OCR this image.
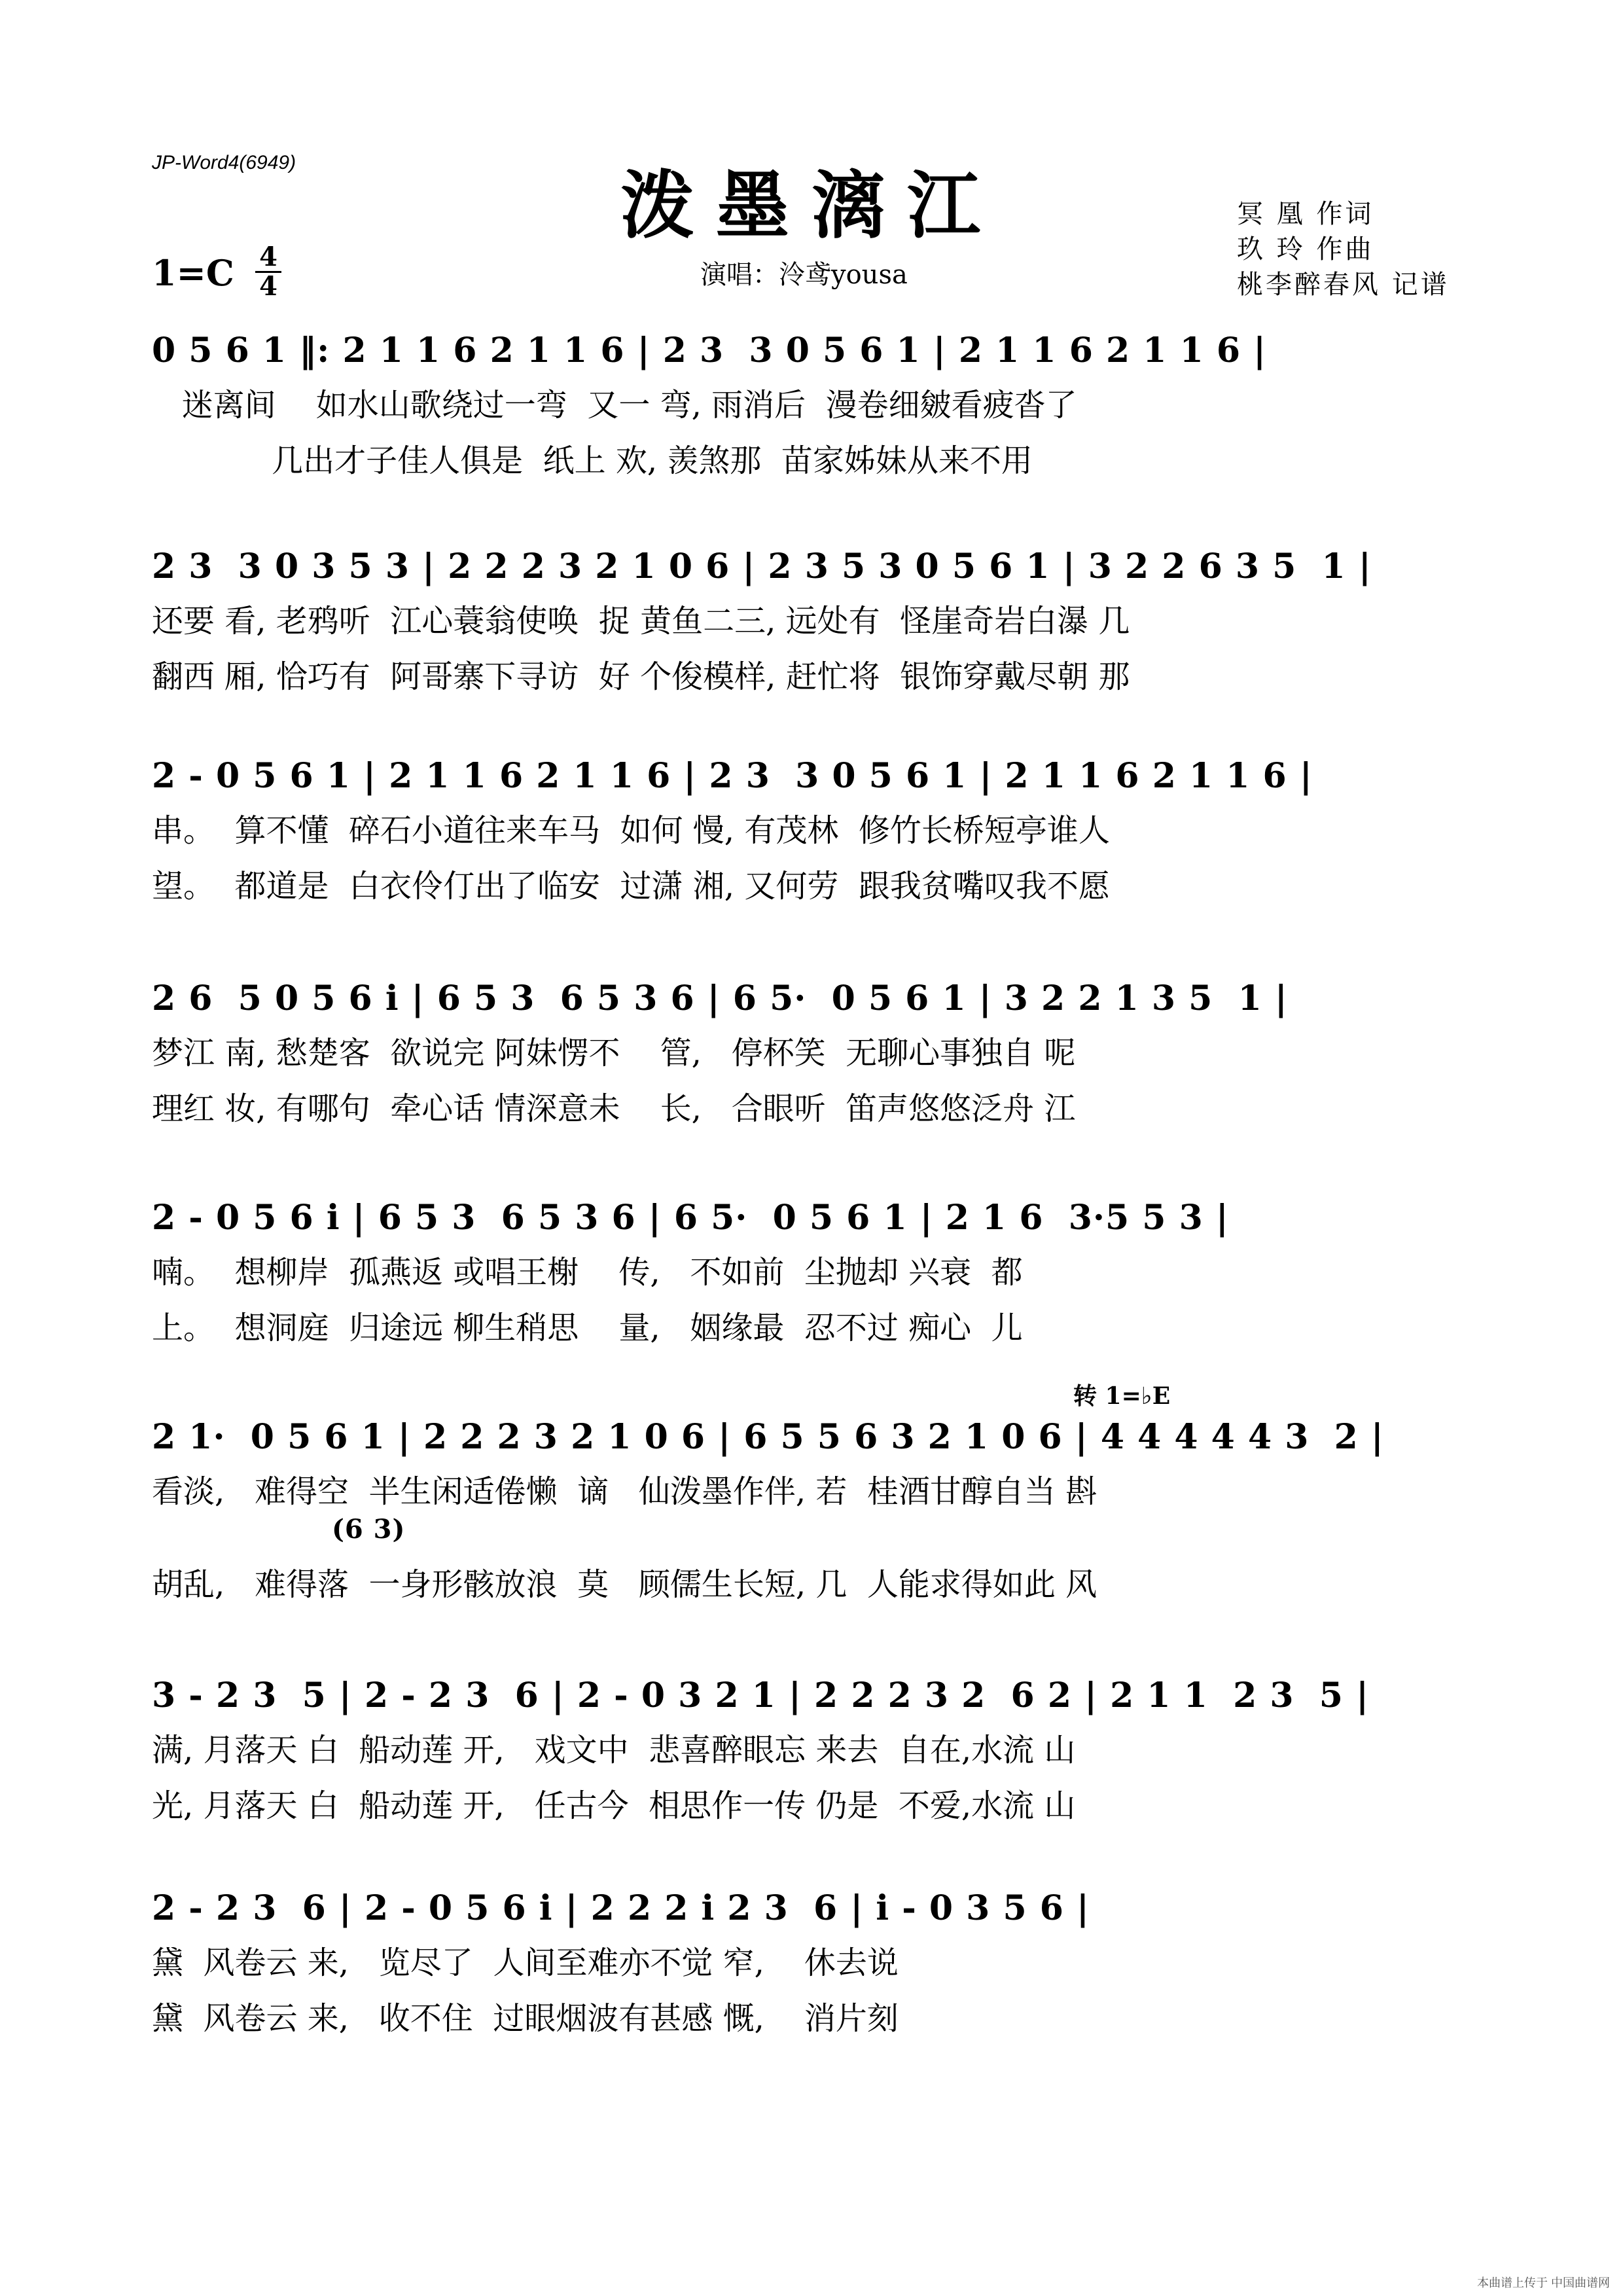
JP-Word4(6949)
泼墨漓江
1=C 4
4	演唱：泠鸢yousa
冥 凰 作词
玖 玲 作曲
桃李醉春风 记谱
0 5 6 1 ‖: 2 1 1 6 2 1 1 6 | 2 3  3 0 5 6 1 | 2 1 1 6 2 1 1 6 |
迷离间    如水山歌绕过一弯  又一 弯, 雨消后  漫卷细皴看疲沓了
几出才子佳人俱是  纸上 欢, 羡煞那  苗家姊妹从来不用
2 3  3 0 3 5 3 | 2 2 2 3 2 1 0 6 | 2 3 5 3 0 5 6 1 | 3 2 2 6 3 5  1 |
还要 看, 老鸦听  江心蓑翁使唤  捉 黄鱼二三, 远处有  怪崖奇岩白瀑 几
翻西 厢, 恰巧有  阿哥寨下寻访  好 个俊模样, 赶忙将  银饰穿戴尽朝 那
2 - 0 5 6 1 | 2 1 1 6 2 1 1 6 | 2 3  3 0 5 6 1 | 2 1 1 6 2 1 1 6 |
串。  算不懂  碎石小道往来车马  如何 慢, 有茂林  修竹长桥短亭谁人
望。  都道是  白衣伶仃出了临安  过潇 湘, 又何劳  跟我贫嘴叹我不愿
2 6  5 0 5 6 i | 6 5 3  6 5 3 6 | 6 5·  0 5 6 1 | 3 2 2 1 3 5  1 |
梦江 南, 愁楚客  欲说完 阿妹愣不    管,   停杯笑  无聊心事独自 呢
理红 妆, 有哪句  牵心话 情深意未    长,   合眼听  笛声悠悠泛舟 江
2 - 0 5 6 i | 6 5 3  6 5 3 6 | 6 5·  0 5 6 1 | 2 1 6  3·5 5 3 |
喃。  想柳岸  孤燕返 或唱王榭    传,   不如前  尘抛却 兴衰  都
上。  想洞庭  归途远 柳生稍思    量,   姻缘最  忍不过 痴心  儿
转 1=♭E
2 1·  0 5 6 1 | 2 2 2 3 2 1 0 6 | 6 5 5 6 3 2 1 0 6 | 4 4 4 4 4 3  2 |
看淡,   难得空  半生闲适倦懒  谪   仙泼墨作伴, 若  桂酒甘醇自当 斟
(6 3)
胡乱,   难得落  一身形骸放浪  莫   顾儒生长短, 几  人能求得如此 风
3 - 2 3  5 | 2 - 2 3  6 | 2 - 0 3 2 1 | 2 2 2 3 2  6 2 | 2 1 1  2 3  5 |
满, 月落天 白  船动莲 开,   戏文中  悲喜醉眼忘 来去  自在,水流 山
光, 月落天 白  船动莲 开,   任古今  相思作一传 仍是  不爱,水流 山
2 - 2 3  6 | 2 - 0 5 6 i | 2 2 2 i 2 3  6 | i - 0 3 5 6 |
黛  风卷云 来,   览尽了  人间至难亦不觉 窄,    休去说
黛  风卷云 来,   收不住  过眼烟波有甚感 慨,    消片刻
本曲谱上传于 中国曲谱网
